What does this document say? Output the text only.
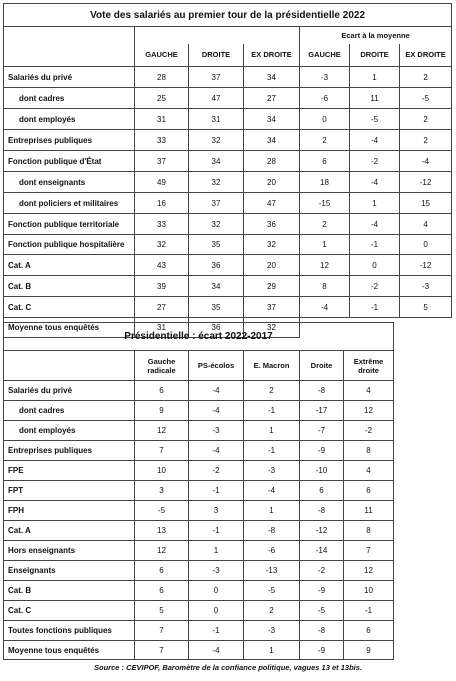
Vote des salariés au premier tour de la présidentielle 2022						
				Ecart à la moyenne		
	GAUCHE	DROITE	EX DROITE	GAUCHE	DROITE	EX DROITE
Salariés du privé	28	37	34	-3	1	2
dont cadres	25	47	27	-6	11	-5
dont employés	31	31	34	0	-5	2
Entreprises publiques	33	32	34	2	-4	2
Fonction publique d'État	37	34	28	6	-2	-4
dont enseignants	49	32	20	18	-4	-12
dont policiers et militaires	16	37	47	-15	1	15
Fonction publique territoriale	33	32	36	2	-4	4
Fonction publique hospitalière	32	35	32	1	-1	0
Cat. A	43	36	20	12	0	-12
Cat. B	39	34	29	8	-2	-3
Cat. C	27	35	37	-4	-1	5
Moyenne tous enquêtés	31	36	32			
Présidentielle : écart 2022-2017					
	Gauche radicale	PS-écolos	E. Macron	Droite	Extrême droite
Salariés du privé	6	-4	2	-8	4
dont cadres	9	-4	-1	-17	12
dont employés	12	-3	1	-7	-2
Entreprises publiques	7	-4	-1	-9	8
FPE	10	-2	-3	-10	4
FPT	3	-1	-4	6	6
FPH	-5	3	1	-8	11
Cat. A	13	-1	-8	-12	8
Hors enseignants	12	1	-6	-14	7
Enseignants	6	-3	-13	-2	12
Cat. B	6	0	-5	-9	10
Cat. C	5	0	2	-5	-1
Toutes fonctions publiques	7	-1	-3	-8	6
Moyenne tous enquêtés	7	-4	1	-9	9
Source : CEVIPOF, Baromètre de la confiance politique, vagues 13 et 13bis.
